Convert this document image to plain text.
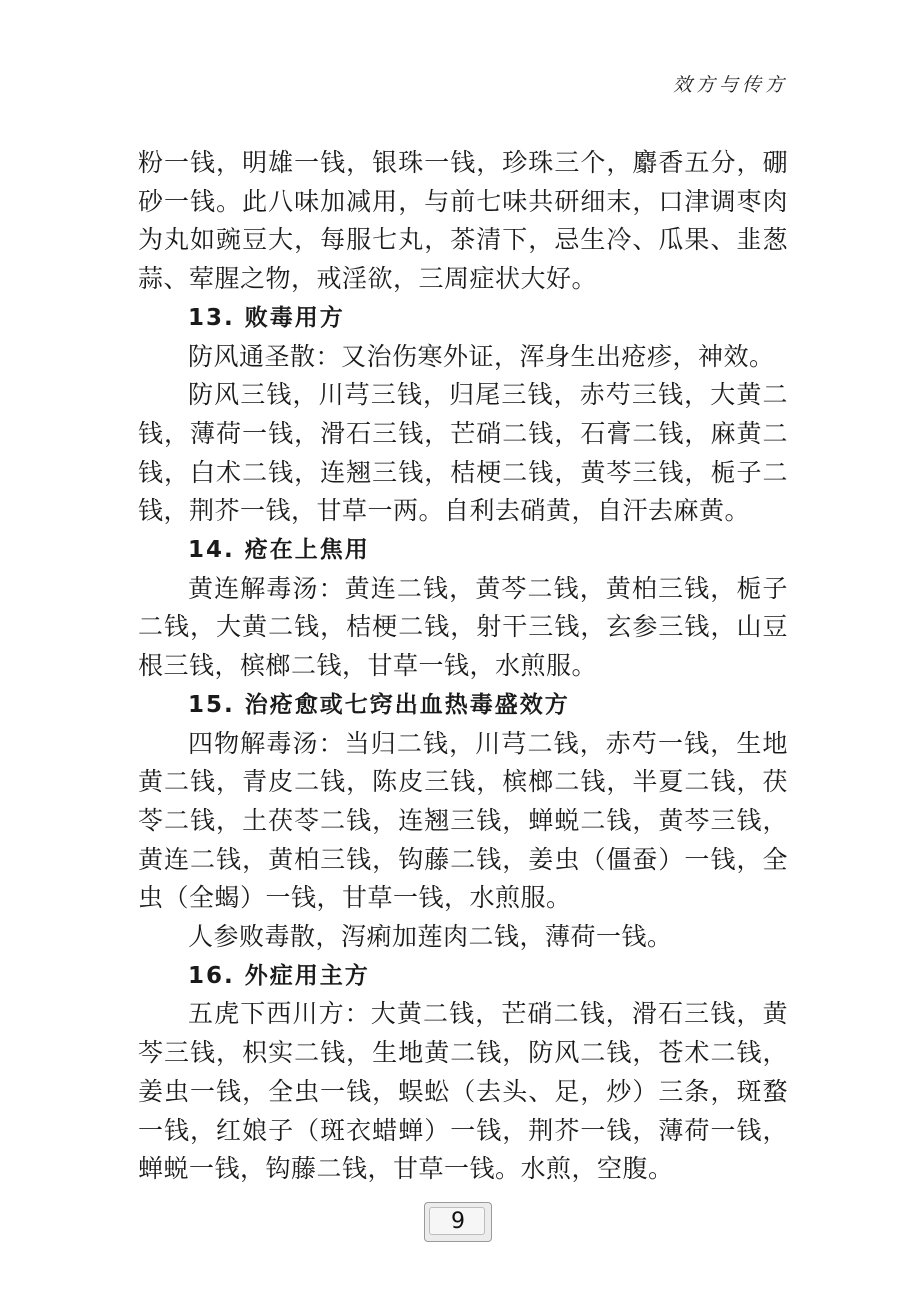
效方与传方

粉一钱，明雄一钱，银珠一钱，珍珠三个，麝香五分，硼砂一钱。此八味加减用，与前七味共研细末，口津调枣肉为丸如豌豆大，每服七丸，茶清下，忌生冷、瓜果、韭葱蒜、荤腥之物，戒淫欲，三周症状大好。

13. 败毒用方

防风通圣散：又治伤寒外证，浑身生出疮疹，神效。

防风三钱，川芎三钱，归尾三钱，赤芍三钱，大黄二钱，薄荷一钱，滑石三钱，芒硝二钱，石膏二钱，麻黄二钱，白术二钱，连翘三钱，桔梗二钱，黄芩三钱，栀子二钱，荆芥一钱，甘草一两。自利去硝黄，自汗去麻黄。

14. 疮在上焦用

黄连解毒汤：黄连二钱，黄芩二钱，黄柏三钱，栀子二钱，大黄二钱，桔梗二钱，射干三钱，玄参三钱，山豆根三钱，槟榔二钱，甘草一钱，水煎服。

15. 治疮愈或七窍出血热毒盛效方

四物解毒汤：当归二钱，川芎二钱，赤芍一钱，生地黄二钱，青皮二钱，陈皮三钱，槟榔二钱，半夏二钱，茯苓二钱，土茯苓二钱，连翘三钱，蝉蜕二钱，黄芩三钱，黄连二钱，黄柏三钱，钩藤二钱，姜虫（僵蚕）一钱，全虫（全蝎）一钱，甘草一钱，水煎服。

人参败毒散，泻痢加莲肉二钱，薄荷一钱。

16. 外症用主方

五虎下西川方：大黄二钱，芒硝二钱，滑石三钱，黄芩三钱，枳实二钱，生地黄二钱，防风二钱，苍术二钱，姜虫一钱，全虫一钱，蜈蚣（去头、足，炒）三条，斑蝥一钱，红娘子（斑衣蜡蝉）一钱，荆芥一钱，薄荷一钱，蝉蜕一钱，钩藤二钱，甘草一钱。水煎，空腹。

9
